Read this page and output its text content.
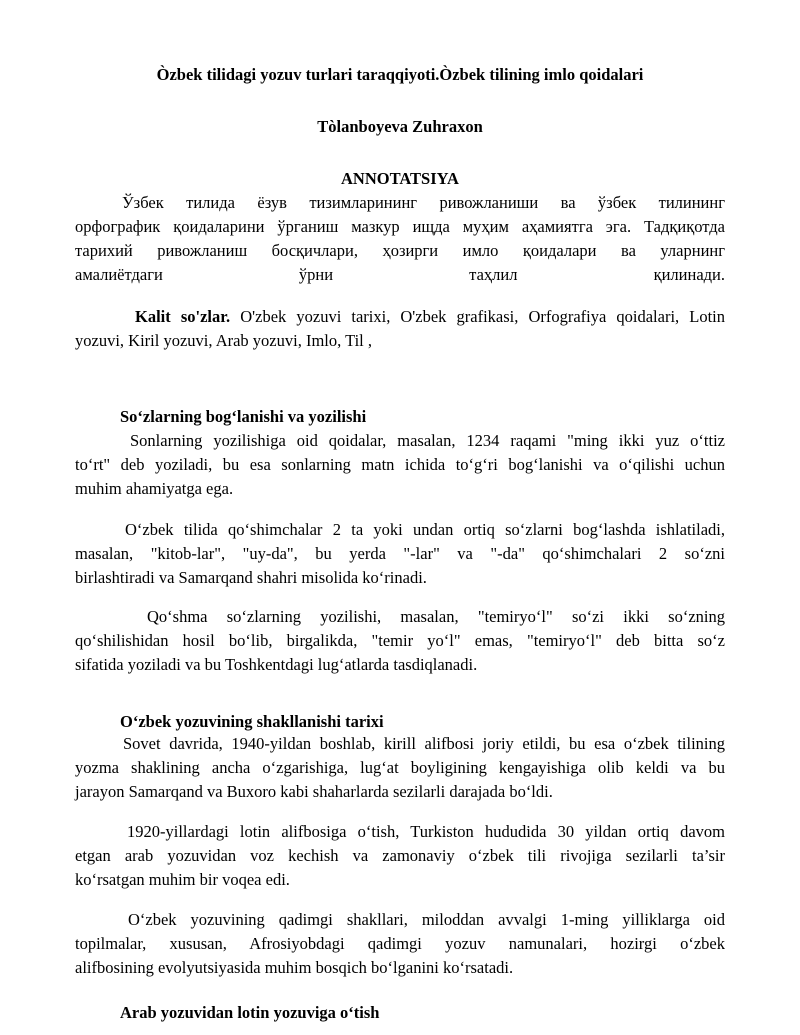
Òzbek tilidagi yozuv turlari taraqqiyoti.Òzbek tilining imlo qoidalari
Tòlanboyeva Zuhraxon
ANNOTATSIYA
Ўзбек тилида ёзув тизимларининг ривожланиши ва ўзбек тилининг
орфографик қоидаларини ўрганиш мазкур ищда муҳим аҳамиятга эга. Тадқиқотда
тарихий ривожланиш босқичлари, ҳозирги имло қоидалари ва уларнинг
амалиётдаги ўрни таҳлил қилинади.
Kalit so'zlar. O'zbek yozuvi tarixi, O'zbek grafikasi, Orfografiya qoidalari, Lotin
yozuvi, Kiril yozuvi, Arab yozuvi, Imlo, Til ,
So‘zlarning bog‘lanishi va yozilishi
Sonlarning yozilishiga oid qoidalar, masalan, 1234 raqami "ming ikki yuz o‘ttiz
to‘rt" deb yoziladi, bu esa sonlarning matn ichida to‘g‘ri bog‘lanishi va o‘qilishi uchun
muhim ahamiyatga ega.
O‘zbek tilida qo‘shimchalar 2 ta yoki undan ortiq so‘zlarni bog‘lashda ishlatiladi,
masalan, "kitob-lar", "uy-da", bu yerda "-lar" va "-da" qo‘shimchalari 2 so‘zni
birlashtiradi va Samarqand shahri misolida ko‘rinadi.
Qo‘shma so‘zlarning yozilishi, masalan, "temiryo‘l" so‘zi ikki so‘zning
qo‘shilishidan hosil bo‘lib, birgalikda, "temir yo‘l" emas, "temiryo‘l" deb bitta so‘z
sifatida yoziladi va bu Toshkentdagi lug‘atlarda tasdiqlanadi.
O‘zbek yozuvining shakllanishi tarixi
Sovet davrida, 1940-yildan boshlab, kirill alifbosi joriy etildi, bu esa o‘zbek tilining
yozma shaklining ancha o‘zgarishiga, lug‘at boyligining kengayishiga olib keldi va bu
jarayon Samarqand va Buxoro kabi shaharlarda sezilarli darajada bo‘ldi.
1920-yillardagi lotin alifbosiga o‘tish, Turkiston hududida 30 yildan ortiq davom
etgan arab yozuvidan voz kechish va zamonaviy o‘zbek tili rivojiga sezilarli ta’sir
ko‘rsatgan muhim bir voqea edi.
O‘zbek yozuvining qadimgi shakllari, miloddan avvalgi 1-ming yilliklarga oid
topilmalar, xususan, Afrosiyobdagi qadimgi yozuv namunalari, hozirgi o‘zbek
alifbosining evolyutsiyasida muhim bosqich bo‘lganini ko‘rsatadi.
Arab yozuvidan lotin yozuviga o‘tish
